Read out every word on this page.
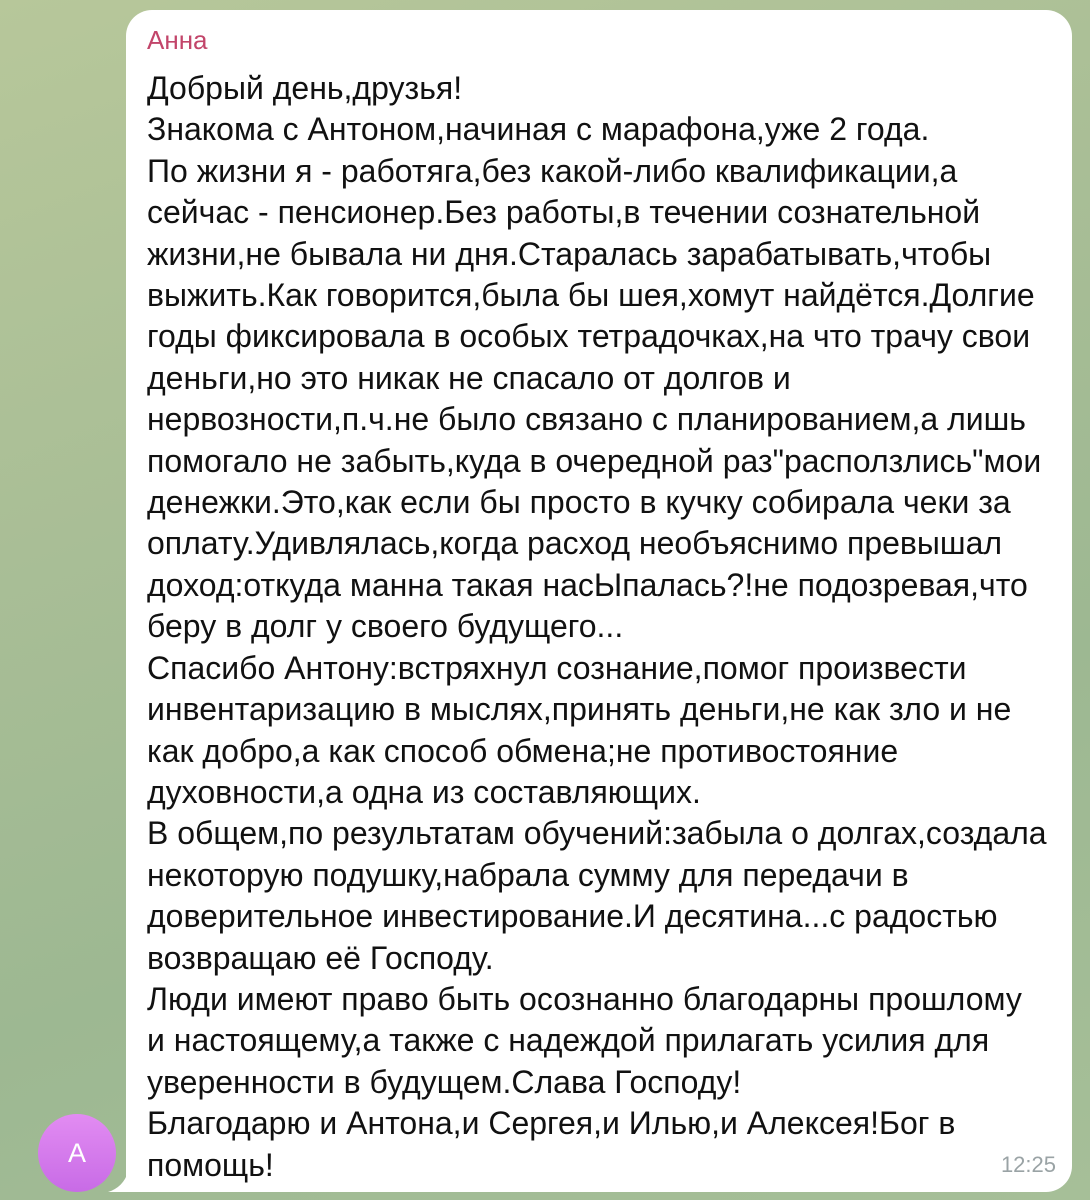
A
Анна
Добрый день,друзья!
Знакома с Антоном,начиная с марафона,уже 2 года.
По жизни я - работяга,без какой-либо квалификации,а
сейчас - пенсионер.Без работы,в течении сознательной
жизни,не бывала ни дня.Старалась зарабатывать,чтобы
выжить.Как говорится,была бы шея,хомут найдётся.Долгие
годы фиксировала в особых тетрадочках,на что трачу свои
деньги,но это никак не спасало от долгов и
нервозности,п.ч.не было связано с планированием,а лишь
помогало не забыть,куда в очередной раз"расползлись"мои
денежки.Это,как если бы просто в кучку собирала чеки за
оплату.Удивлялась,когда расход необъяснимо превышал
доход:откуда манна такая насЫпалась?!не подозревая,что
беру в долг у своего будущего...
Спасибо Антону:встряхнул сознание,помог произвести
инвентаризацию в мыслях,принять деньги,не как зло и не
как добро,а как способ обмена;не противостояние
духовности,а одна из составляющих.
В общем,по результатам обучений:забыла о долгах,создала
некоторую подушку,набрала сумму для передачи в
доверительное инвестирование.И десятина...с радостью
возвращаю её Господу.
Люди имеют право быть осознанно благодарны прошлому
и настоящему,а также с надеждой прилагать усилия для
уверенности в будущем.Слава Господу!
Благодарю и Антона,и Сергея,и Илью,и Алексея!Бог в
помощь!	12:25
